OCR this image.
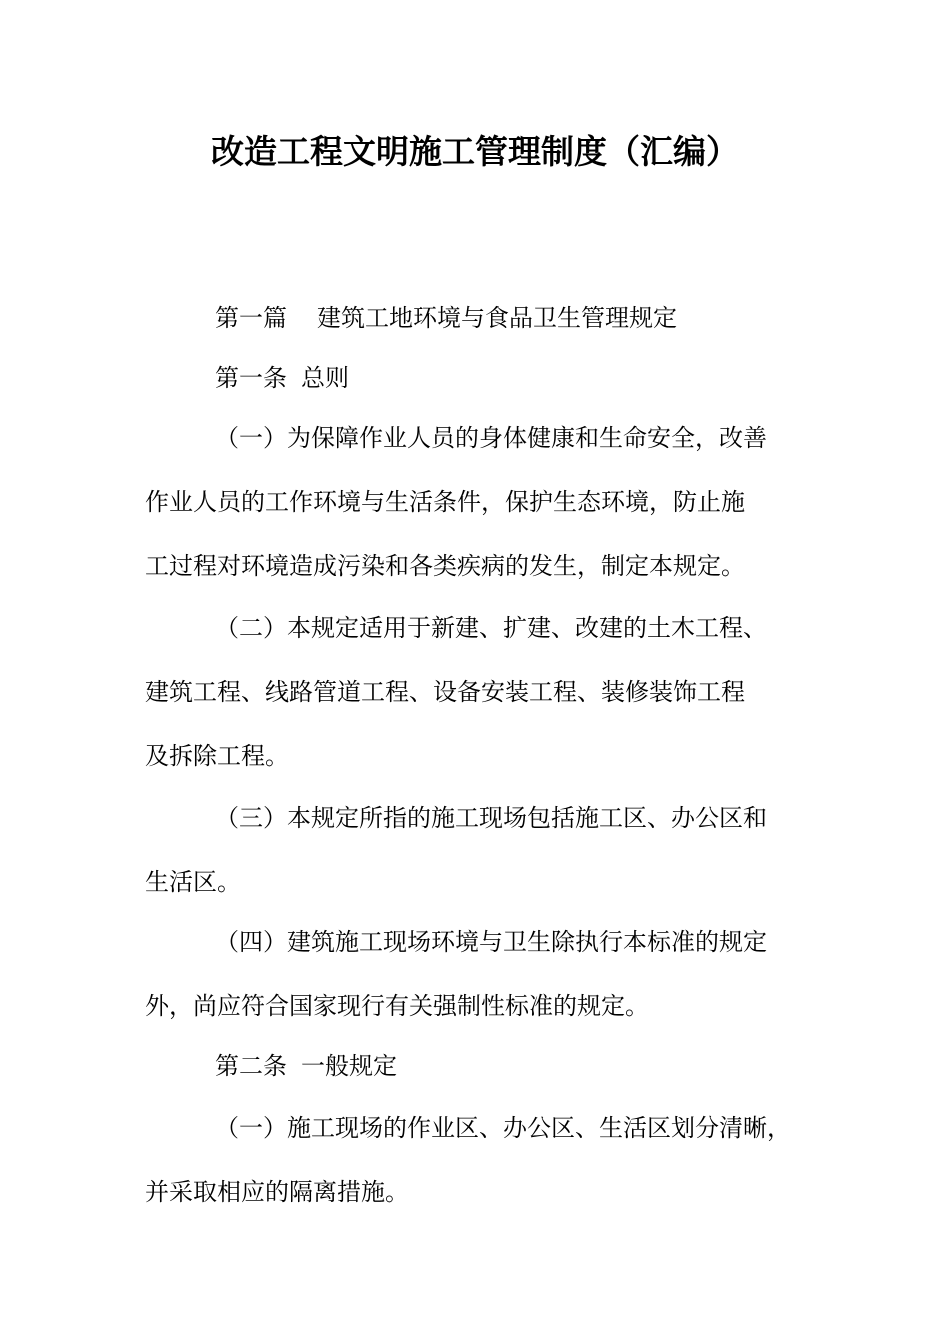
改造工程文明施工管理制度（汇编）
第一篇 建筑工地环境与食品卫生管理规定
第一条 总则
（一）为保障作业人员的身体健康和生命安全，改善
作业人员的工作环境与生活条件，保护生态环境，防止施
工过程对环境造成污染和各类疾病的发生，制定本规定。
（二）本规定适用于新建、扩建、改建的土木工程、
建筑工程、线路管道工程、设备安装工程、装修装饰工程
及拆除工程。
（三）本规定所指的施工现场包括施工区、办公区和
生活区。
（四）建筑施工现场环境与卫生除执行本标准的规定
外，尚应符合国家现行有关强制性标准的规定。
第二条 一般规定
（一）施工现场的作业区、办公区、生活区划分清晰，
并采取相应的隔离措施。
